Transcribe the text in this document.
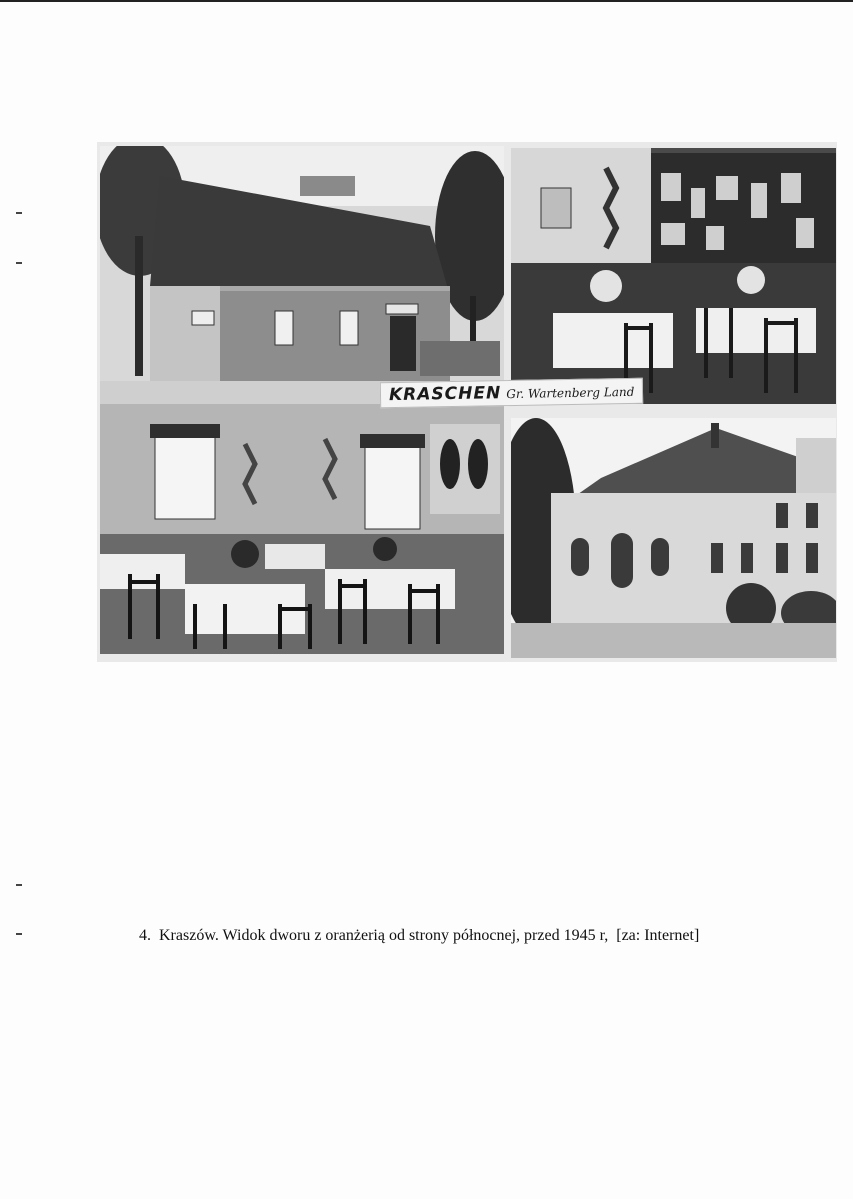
KRASCHEN Gr. Wartenberg Land
4. Kraszów. Widok dworu z oranżerią od strony północnej, przed 1945 r, [za: Internet]
